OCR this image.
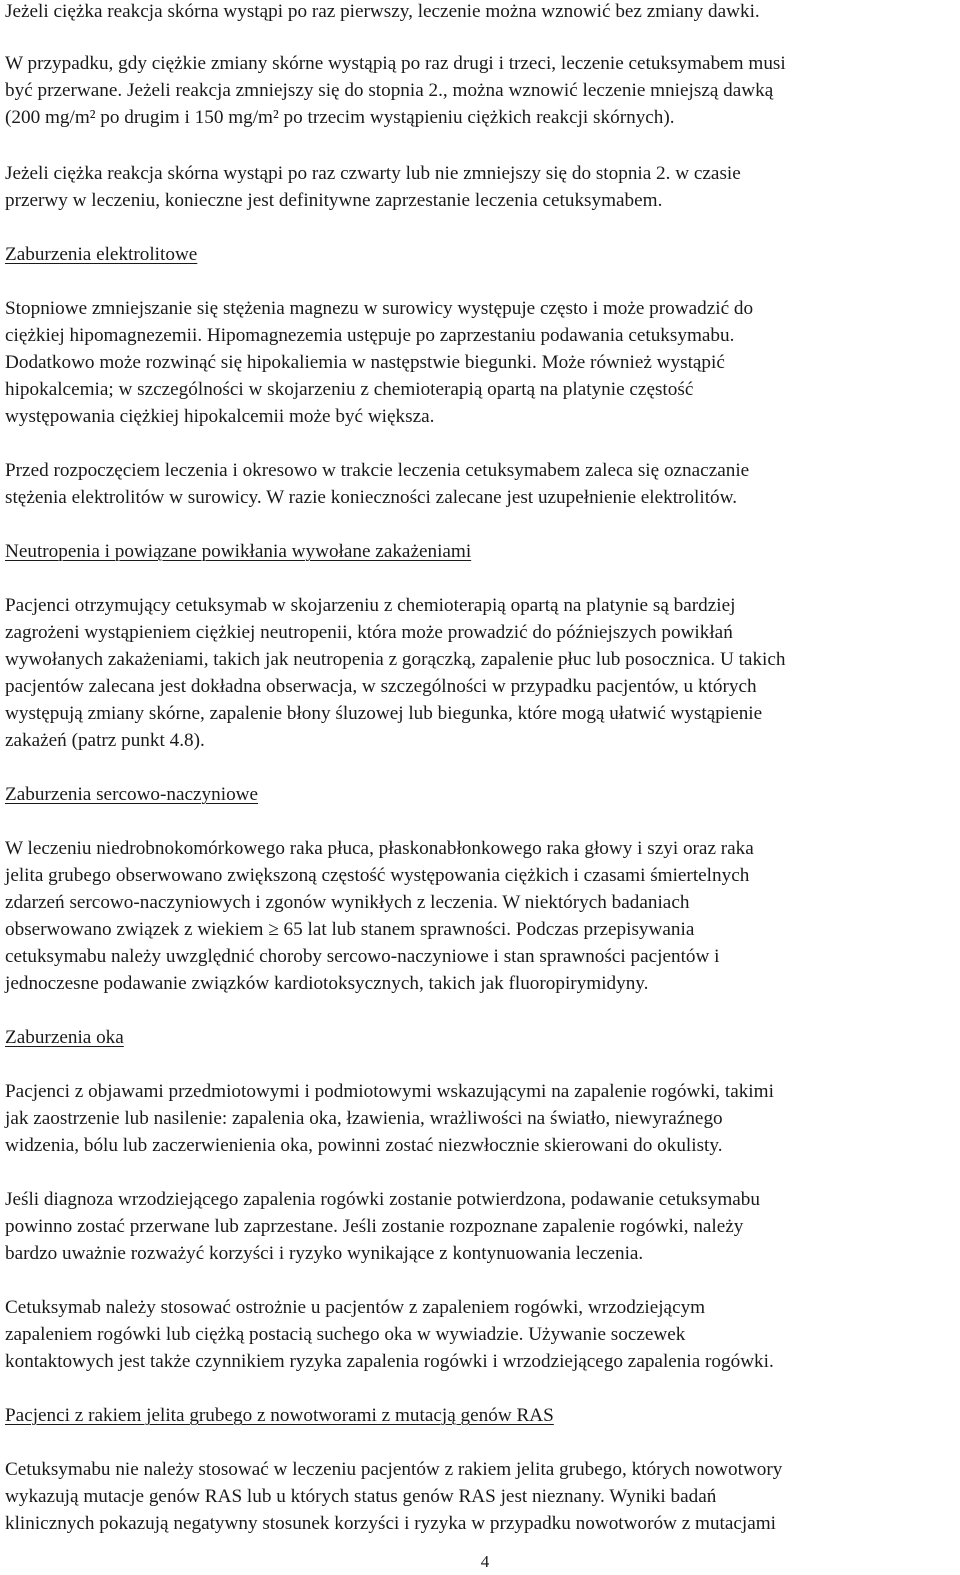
Jeżeli ciężka reakcja skórna wystąpi po raz pierwszy, leczenie można wznowić bez zmiany dawki.
W przypadku, gdy ciężkie zmiany skórne wystąpią po raz drugi i trzeci, leczenie cetuksymabem musi
być przerwane. Jeżeli reakcja zmniejszy się do stopnia 2., można wznowić leczenie mniejszą dawką
(200 mg/m² po drugim i 150 mg/m² po trzecim wystąpieniu ciężkich reakcji skórnych).
Jeżeli ciężka reakcja skórna wystąpi po raz czwarty lub nie zmniejszy się do stopnia 2. w czasie
przerwy w leczeniu, konieczne jest definitywne zaprzestanie leczenia cetuksymabem.
Zaburzenia elektrolitowe
Stopniowe zmniejszanie się stężenia magnezu w surowicy występuje często i może prowadzić do
ciężkiej hipomagnezemii. Hipomagnezemia ustępuje po zaprzestaniu podawania cetuksymabu.
Dodatkowo może rozwinąć się hipokaliemia w następstwie biegunki. Może również wystąpić
hipokalcemia; w szczególności w skojarzeniu z chemioterapią opartą na platynie częstość
występowania ciężkiej hipokalcemii może być większa.
Przed rozpoczęciem leczenia i okresowo w trakcie leczenia cetuksymabem zaleca się oznaczanie
stężenia elektrolitów w surowicy. W razie konieczności zalecane jest uzupełnienie elektrolitów.
Neutropenia i powiązane powikłania wywołane zakażeniami
Pacjenci otrzymujący cetuksymab w skojarzeniu z chemioterapią opartą na platynie są bardziej
zagrożeni wystąpieniem ciężkiej neutropenii, która może prowadzić do późniejszych powikłań
wywołanych zakażeniami, takich jak neutropenia z gorączką, zapalenie płuc lub posocznica. U takich
pacjentów zalecana jest dokładna obserwacja, w szczególności w przypadku pacjentów, u których
występują zmiany skórne, zapalenie błony śluzowej lub biegunka, które mogą ułatwić wystąpienie
zakażeń (patrz punkt 4.8).
Zaburzenia sercowo-naczyniowe
W leczeniu niedrobnokomórkowego raka płuca, płaskonabłonkowego raka głowy i szyi oraz raka
jelita grubego obserwowano zwiększoną częstość występowania ciężkich i czasami śmiertelnych
zdarzeń sercowo-naczyniowych i zgonów wynikłych z leczenia. W niektórych badaniach
obserwowano związek z wiekiem ≥ 65 lat lub stanem sprawności. Podczas przepisywania
cetuksymabu należy uwzględnić choroby sercowo-naczyniowe i stan sprawności pacjentów i
jednoczesne podawanie związków kardiotoksycznych, takich jak fluoropirymidyny.
Zaburzenia oka
Pacjenci z objawami przedmiotowymi i podmiotowymi wskazującymi na zapalenie rogówki, takimi
jak zaostrzenie lub nasilenie: zapalenia oka, łzawienia, wrażliwości na światło, niewyraźnego
widzenia, bólu lub zaczerwienienia oka, powinni zostać niezwłocznie skierowani do okulisty.
Jeśli diagnoza wrzodziejącego zapalenia rogówki zostanie potwierdzona, podawanie cetuksymabu
powinno zostać przerwane lub zaprzestane. Jeśli zostanie rozpoznane zapalenie rogówki, należy
bardzo uważnie rozważyć korzyści i ryzyko wynikające z kontynuowania leczenia.
Cetuksymab należy stosować ostrożnie u pacjentów z zapaleniem rogówki, wrzodziejącym
zapaleniem rogówki lub ciężką postacią suchego oka w wywiadzie. Używanie soczewek
kontaktowych jest także czynnikiem ryzyka zapalenia rogówki i wrzodziejącego zapalenia rogówki.
Pacjenci z rakiem jelita grubego z nowotworami z mutacją genów RAS
Cetuksymabu nie należy stosować w leczeniu pacjentów z rakiem jelita grubego, których nowotwory
wykazują mutacje genów RAS lub u których status genów RAS jest nieznany. Wyniki badań
klinicznych pokazują negatywny stosunek korzyści i ryzyka w przypadku nowotworów z mutacjami
4
